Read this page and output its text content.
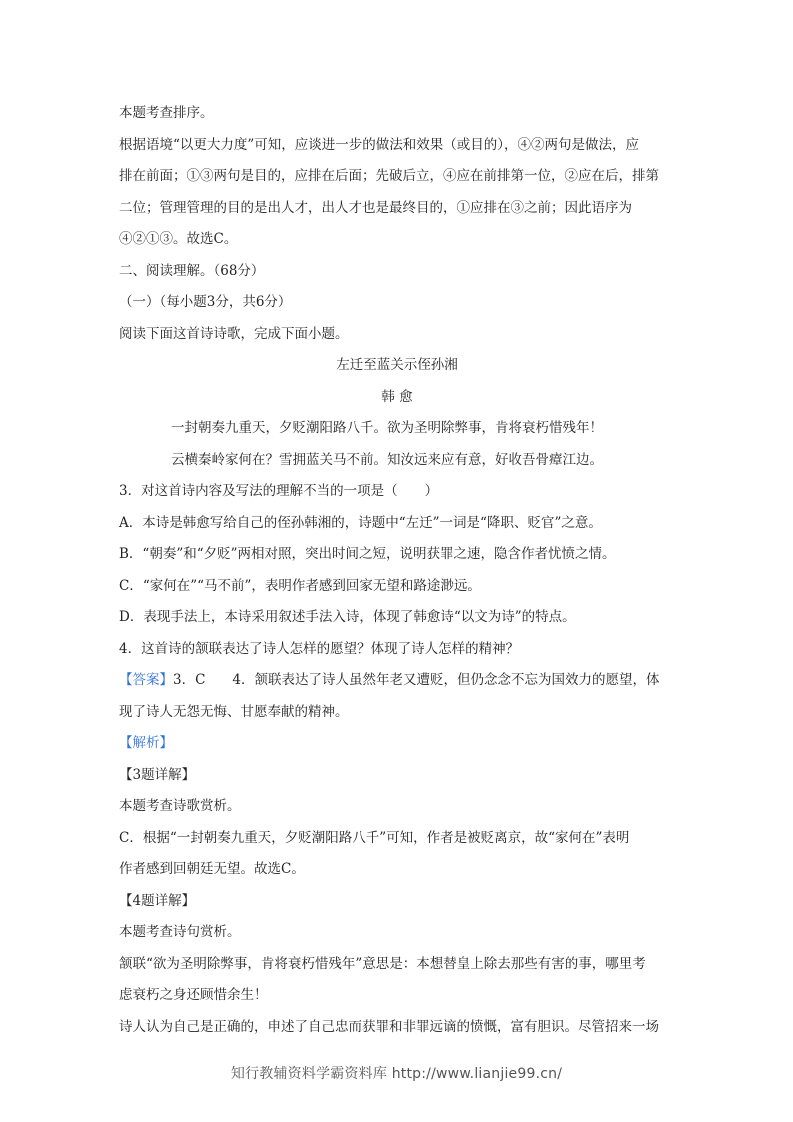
本题考查排序。

根据语境“以更大力度”可知，应谈进一步的做法和效果（或目的），④②两句是做法，应

排在前面；①③两句是目的，应排在后面；先破后立，④应在前排第一位，②应在后，排第

二位；管理管理的目的是出人才，出人才也是最终目的，①应排在③之前；因此语序为

④②①③。故选C。

二、阅读理解。（68分）

（一）（每小题3分，共6分）

阅读下面这首诗诗歌，完成下面小题。

左迁至蓝关示侄孙湘

韩 愈

一封朝奏九重天，夕贬潮阳路八千。欲为圣明除弊事，肯将衰朽惜残年！

云横秦岭家何在？雪拥蓝关马不前。知汝远来应有意，好收吾骨瘴江边。

3．对这首诗内容及写法的理解不当的一项是（　　）

A．本诗是韩愈写给自己的侄孙韩湘的，诗题中“左迁”一词是“降职、贬官”之意。

B．“朝奏”和“夕贬”两相对照，突出时间之短，说明获罪之速，隐含作者忧愤之情。

C．“家何在”“马不前”，表明作者感到回家无望和路途渺远。

D．表现手法上，本诗采用叙述手法入诗，体现了韩愈诗“以文为诗”的特点。

4．这首诗的颔联表达了诗人怎样的愿望？体现了诗人怎样的精神？

【答案】3．C　　4．颔联表达了诗人虽然年老又遭贬，但仍念念不忘为国效力的愿望，体

现了诗人无怨无悔、甘愿奉献的精神。

【解析】

【3题详解】

本题考查诗歌赏析。

C．根据“一封朝奏九重天，夕贬潮阳路八千”可知，作者是被贬离京，故“家何在”表明

作者感到回朝廷无望。故选C。

【4题详解】

本题考查诗句赏析。

颔联“欲为圣明除弊事，肯将衰朽惜残年”意思是：本想替皇上除去那些有害的事，哪里考

虑衰朽之身还顾惜余生！

诗人认为自己是正确的，申述了自己忠而获罪和非罪远谪的愤慨，富有胆识。尽管招来一场

知行教辅资料学霸资料库 http://www.lianjie99.cn/
